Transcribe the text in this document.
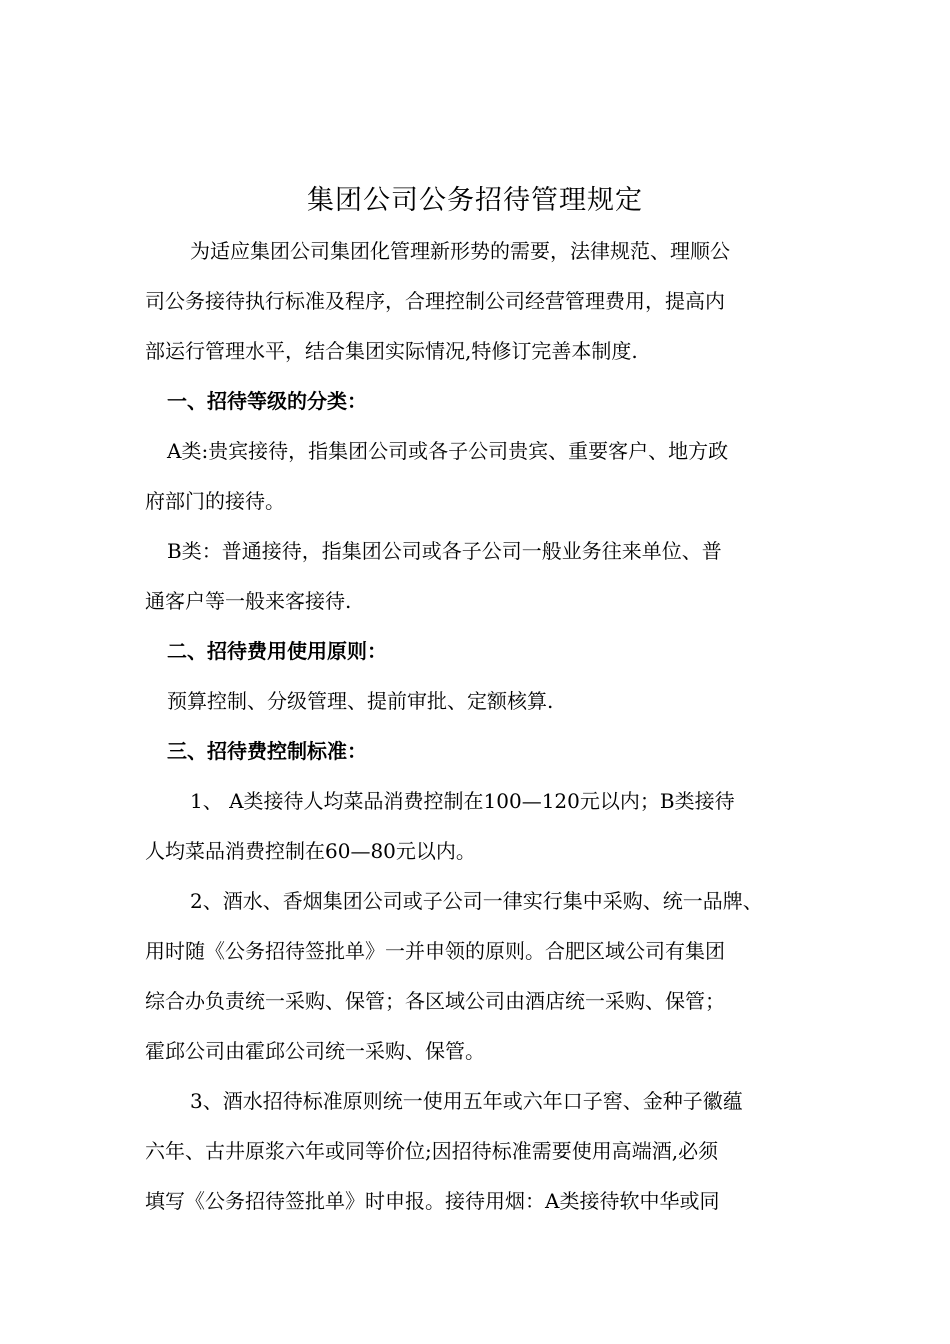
集团公司公务招待管理规定
为适应集团公司集团化管理新形势的需要，法律规范、理顺公
司公务接待执行标准及程序，合理控制公司经营管理费用，提高内
部运行管理水平，结合集团实际情况,特修订完善本制度.
一、招待等级的分类：
A类:贵宾接待，指集团公司或各子公司贵宾、重要客户、地方政
府部门的接待。
B类：普通接待，指集团公司或各子公司一般业务往来单位、普
通客户等一般来客接待.
二、招待费用使用原则：
预算控制、分级管理、提前审批、定额核算.
三、招待费控制标准：
1、 A类接待人均菜品消费控制在100—120元以内；B类接待
人均菜品消费控制在60—80元以内。
2、酒水、香烟集团公司或子公司一律实行集中采购、统一品牌、
用时随《公务招待签批单》一并申领的原则。合肥区域公司有集团
综合办负责统一采购、保管；各区域公司由酒店统一采购、保管；
霍邱公司由霍邱公司统一采购、保管。
3、酒水招待标准原则统一使用五年或六年口子窖、金种子徽蕴
六年、古井原浆六年或同等价位;因招待标准需要使用高端酒,必须
填写《公务招待签批单》时申报。接待用烟：A类接待软中华或同
